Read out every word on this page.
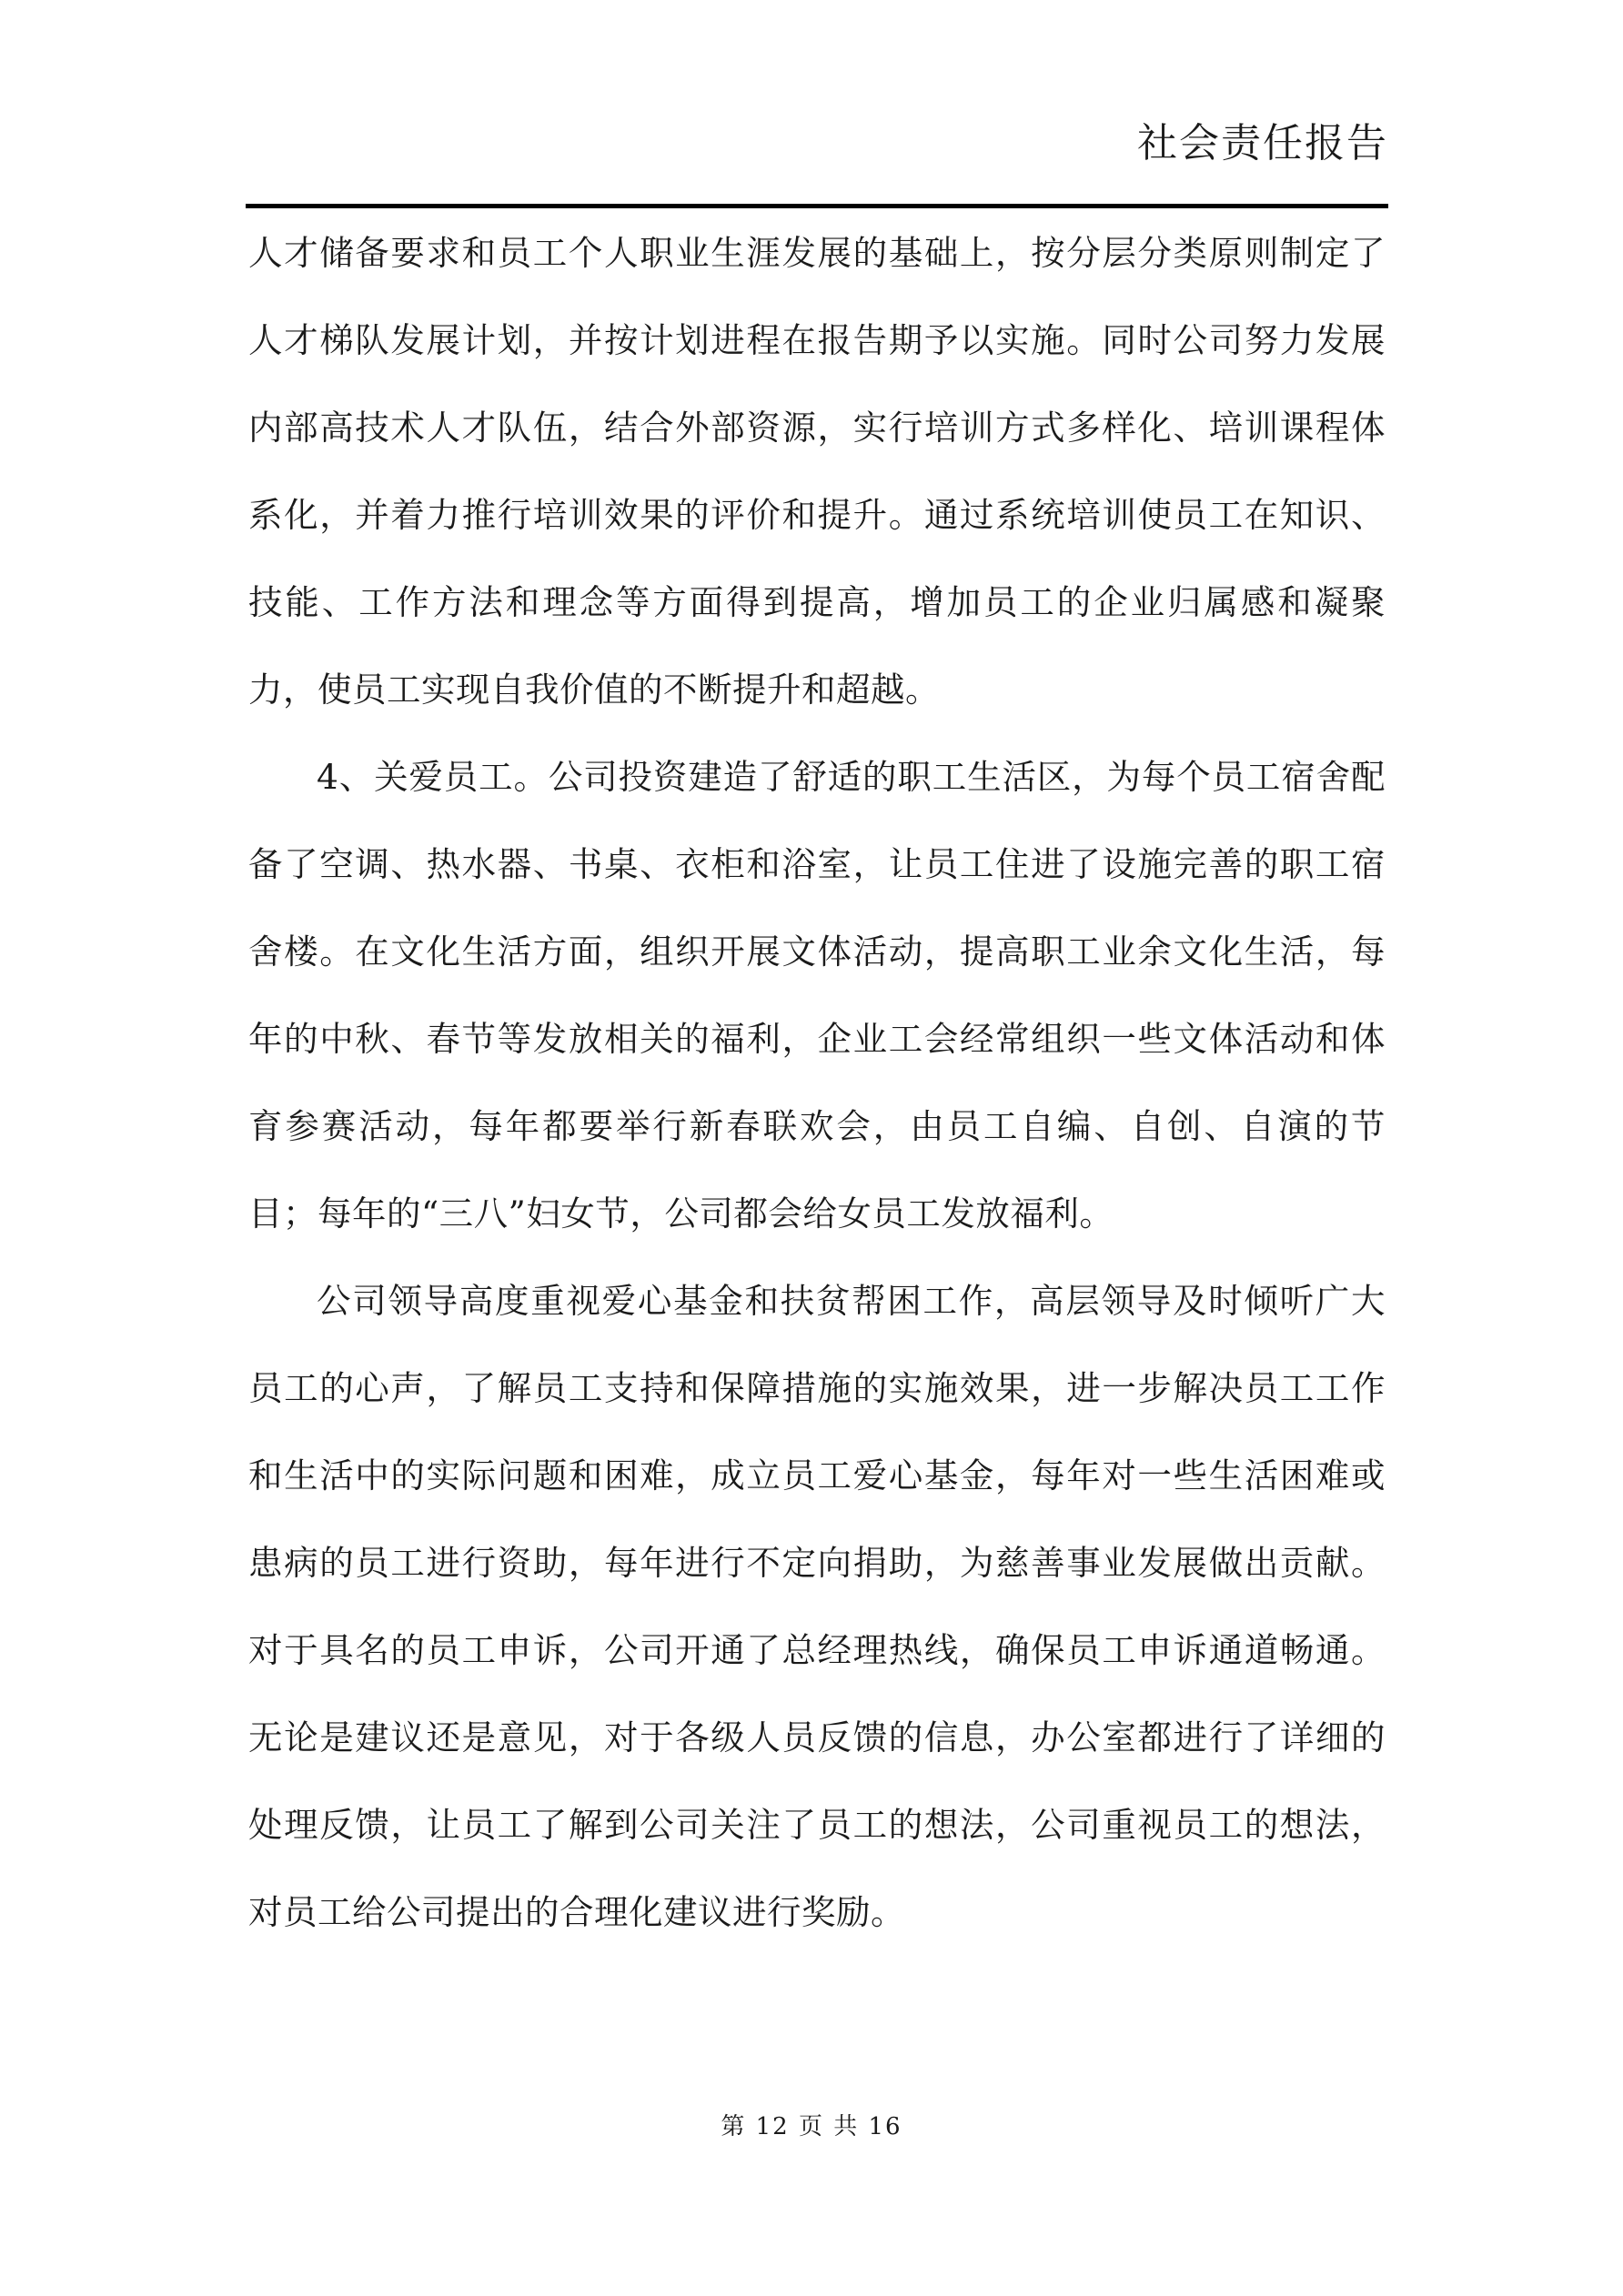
社会责任报告

人才储备要求和员工个人职业生涯发展的基础上，按分层分类原则制定了人才梯队发展计划，并按计划进程在报告期予以实施。同时公司努力发展内部高技术人才队伍，结合外部资源，实行培训方式多样化、培训课程体系化，并着力推行培训效果的评价和提升。通过系统培训使员工在知识、技能、工作方法和理念等方面得到提高，增加员工的企业归属感和凝聚力，使员工实现自我价值的不断提升和超越。

4、关爱员工。公司投资建造了舒适的职工生活区，为每个员工宿舍配备了空调、热水器、书桌、衣柜和浴室，让员工住进了设施完善的职工宿舍楼。在文化生活方面，组织开展文体活动，提高职工业余文化生活，每年的中秋、春节等发放相关的福利，企业工会经常组织一些文体活动和体育参赛活动，每年都要举行新春联欢会，由员工自编、自创、自演的节目；每年的“三八”妇女节，公司都会给女员工发放福利。

公司领导高度重视爱心基金和扶贫帮困工作，高层领导及时倾听广大员工的心声，了解员工支持和保障措施的实施效果，进一步解决员工工作和生活中的实际问题和困难，成立员工爱心基金，每年对一些生活困难或患病的员工进行资助，每年进行不定向捐助，为慈善事业发展做出贡献。对于具名的员工申诉，公司开通了总经理热线，确保员工申诉通道畅通。无论是建议还是意见，对于各级人员反馈的信息，办公室都进行了详细的处理反馈，让员工了解到公司关注了员工的想法，公司重视员工的想法，对员工给公司提出的合理化建议进行奖励。

第 12 页 共 16
